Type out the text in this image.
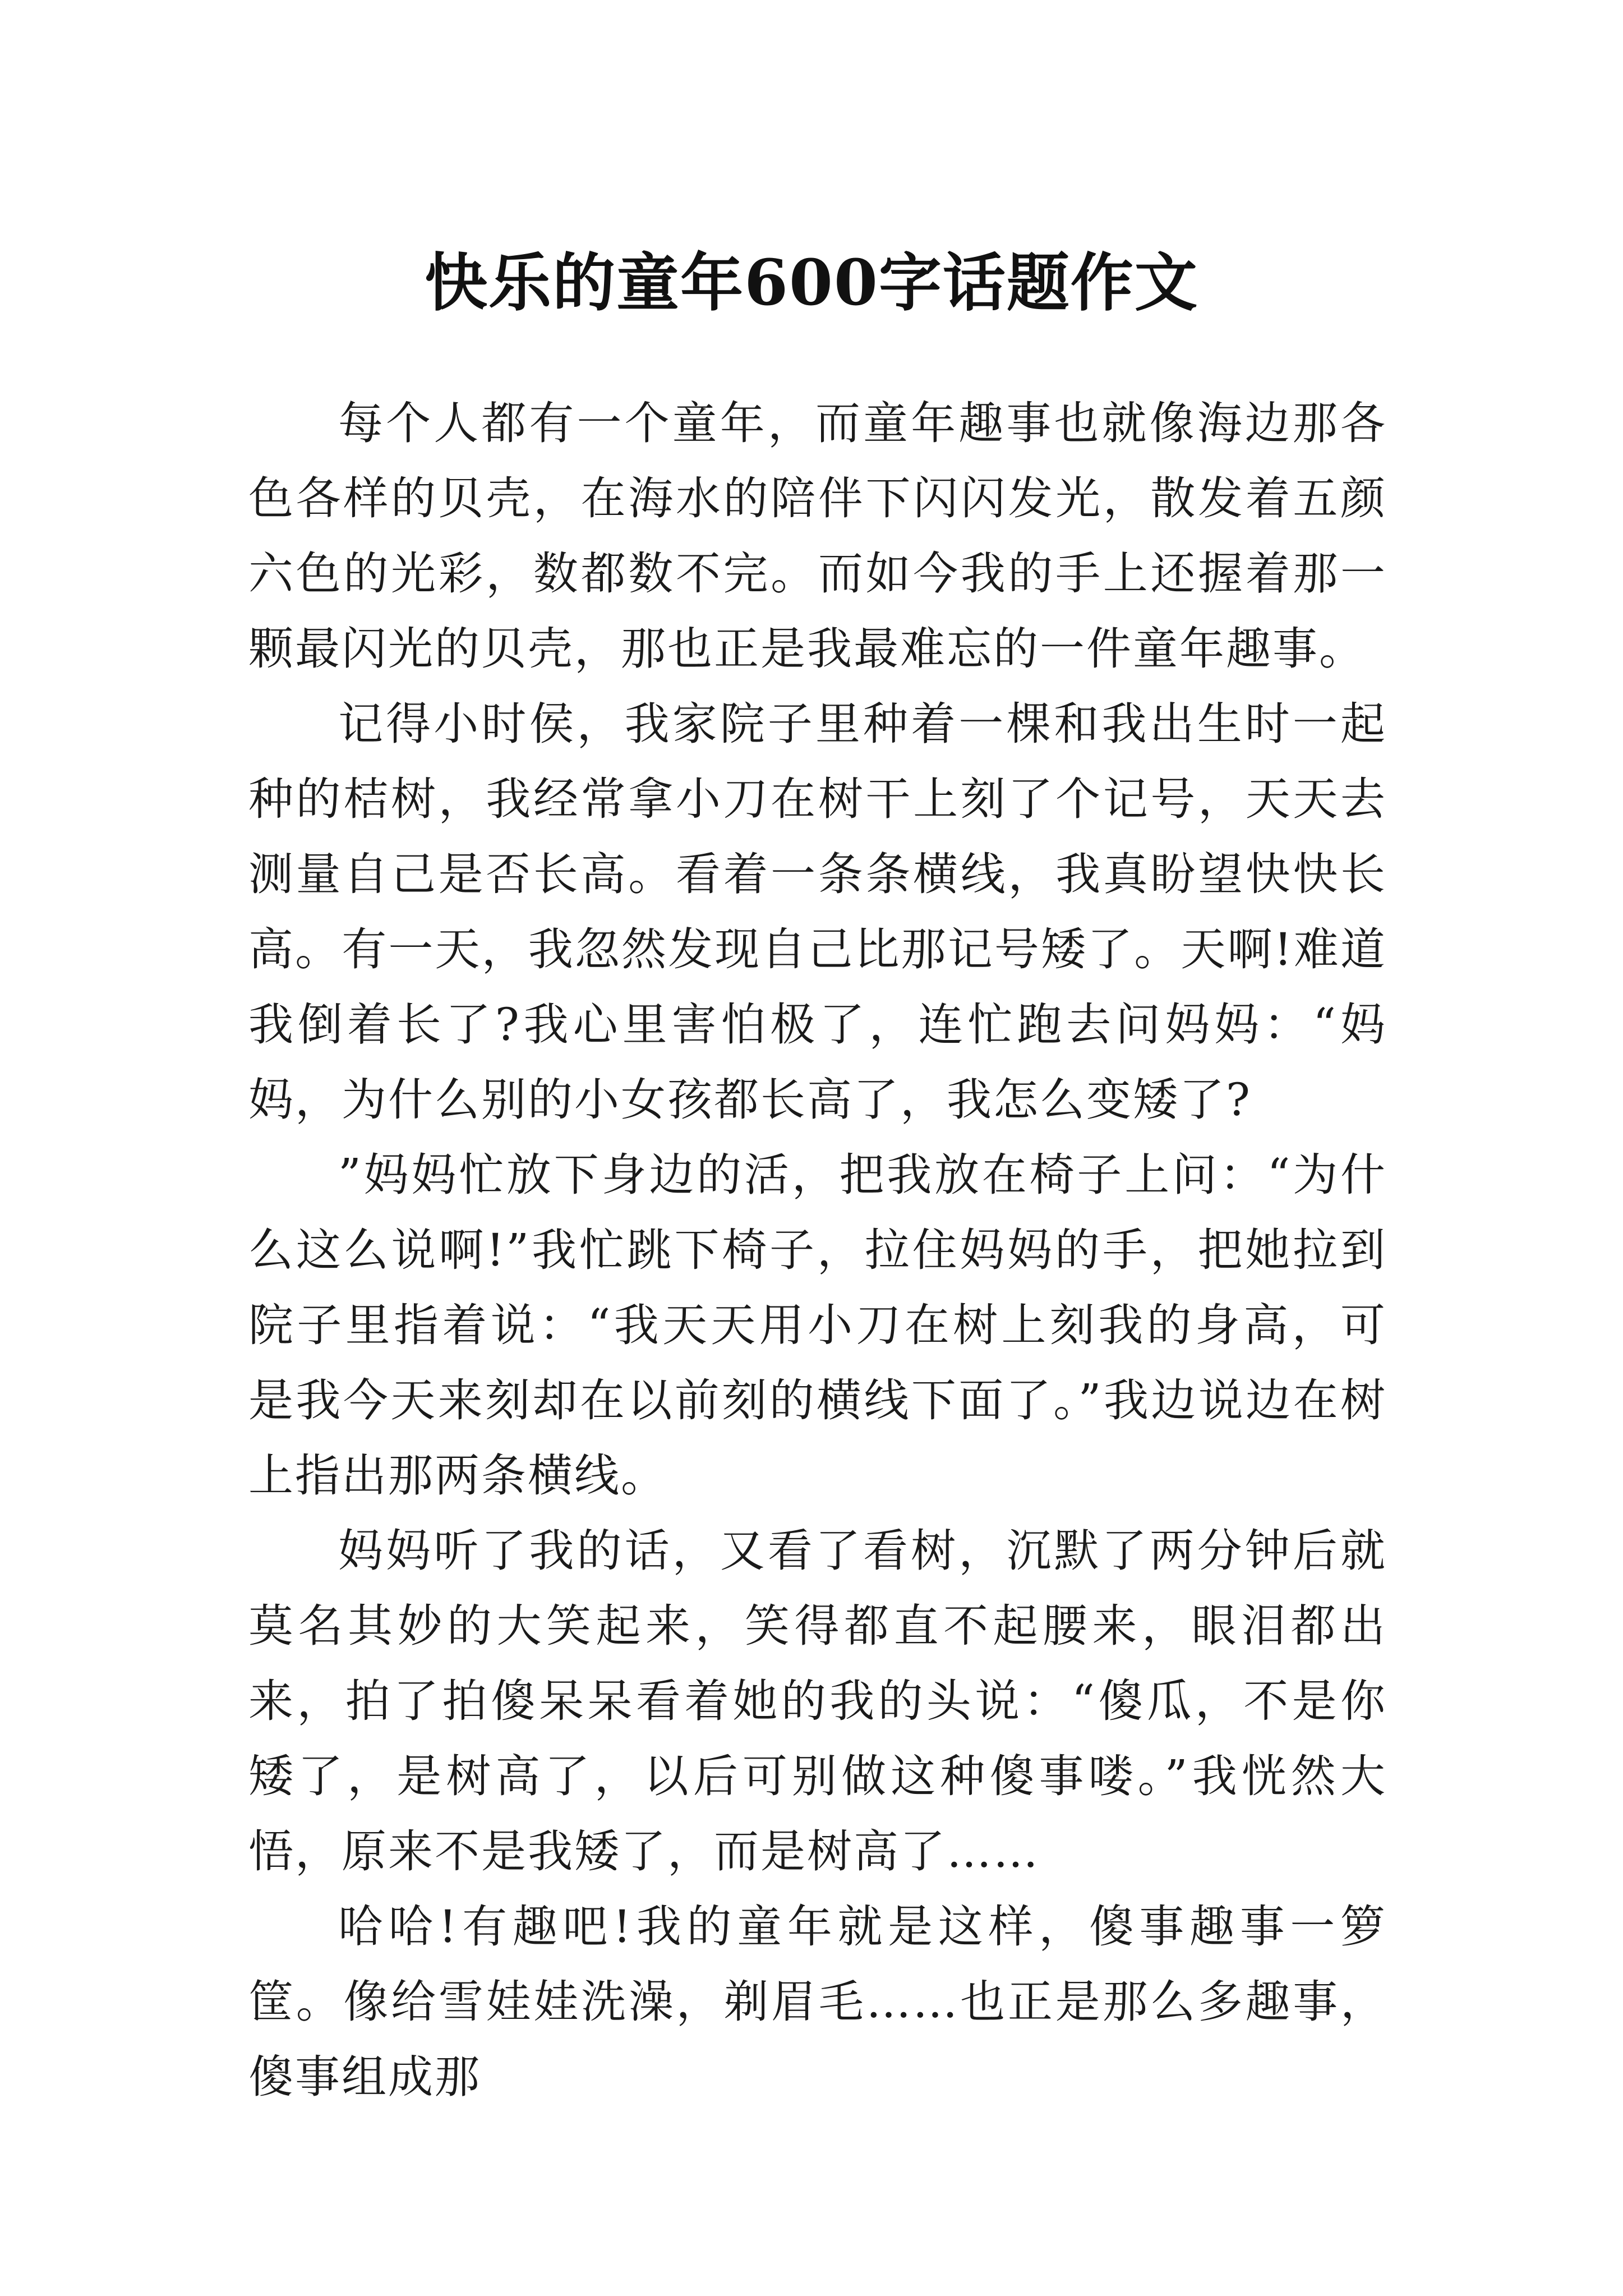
快乐的童年600字话题作文

每个人都有一个童年，而童年趣事也就像海边那各色各样的贝壳，在海水的陪伴下闪闪发光，散发着五颜六色的光彩，数都数不完。而如今我的手上还握着那一颗最闪光的贝壳，那也正是我最难忘的一件童年趣事。

记得小时侯，我家院子里种着一棵和我出生时一起种的桔树，我经常拿小刀在树干上刻了个记号，天天去测量自己是否长高。看着一条条横线，我真盼望快快长高。有一天，我忽然发现自己比那记号矮了。天啊!难道我倒着长了?我心里害怕极了，连忙跑去问妈妈：“妈妈，为什么别的小女孩都长高了，我怎么变矮了?

”妈妈忙放下身边的活，把我放在椅子上问：“为什么这么说啊!”我忙跳下椅子，拉住妈妈的手，把她拉到院子里指着说：“我天天用小刀在树上刻我的身高，可是我今天来刻却在以前刻的横线下面了。”我边说边在树上指出那两条横线。

妈妈听了我的话，又看了看树，沉默了两分钟后就莫名其妙的大笑起来，笑得都直不起腰来，眼泪都出来，拍了拍傻呆呆看着她的我的头说：“傻瓜，不是你矮了，是树高了，以后可别做这种傻事喽。”我恍然大悟，原来不是我矮了，而是树高了……

哈哈!有趣吧!我的童年就是这样，傻事趣事一箩筐。像给雪娃娃洗澡，剃眉毛……也正是那么多趣事，傻事组成那
